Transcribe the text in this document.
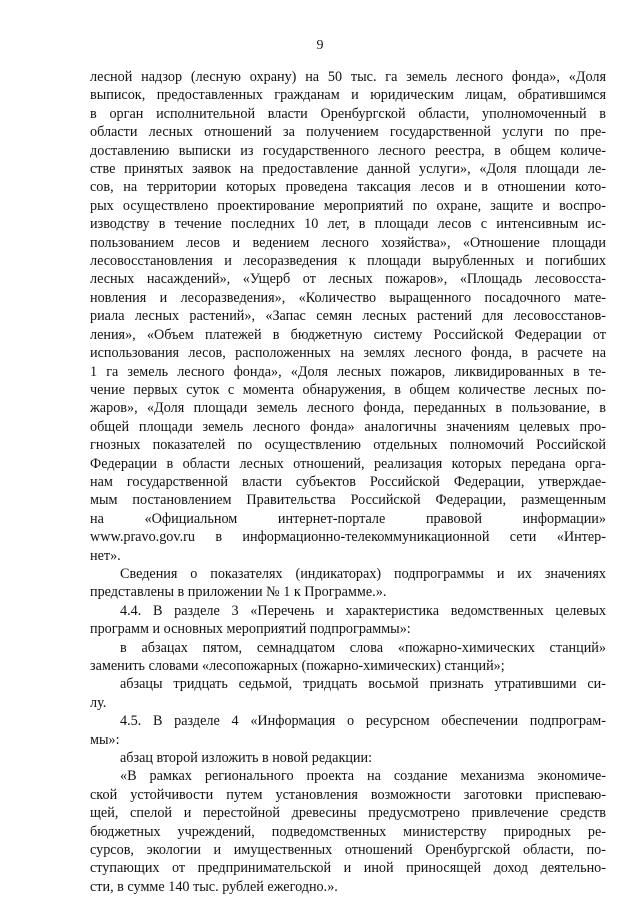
9
лесной надзор (лесную охрану) на 50 тыс. га земель лесного фонда», «Доля
выписок, предоставленных гражданам и юридическим лицам, обратившимся
в орган исполнительной власти Оренбургской области, уполномоченный в
области лесных отношений за получением государственной услуги по пре-
доставлению выписки из государственного лесного реестра, в общем количе-
стве принятых заявок на предоставление данной услуги», «Доля площади ле-
сов, на территории которых проведена таксация лесов и в отношении кото-
рых осуществлено проектирование мероприятий по охране, защите и воспро-
изводству в течение последних 10 лет, в площади лесов с интенсивным ис-
пользованием лесов и ведением лесного хозяйства», «Отношение площади
лесовосстановления и лесоразведения к площади вырубленных и погибших
лесных насаждений», «Ущерб от лесных пожаров», «Площадь лесовосста-
новления и лесоразведения», «Количество выращенного посадочного мате-
риала лесных растений», «Запас семян лесных растений для лесовосстанов-
ления», «Объем платежей в бюджетную систему Российской Федерации от
использования лесов, расположенных на землях лесного фонда, в расчете на
1 га земель лесного фонда», «Доля лесных пожаров, ликвидированных в те-
чение первых суток с момента обнаружения, в общем количестве лесных по-
жаров», «Доля площади земель лесного фонда, переданных в пользование, в
общей площади земель лесного фонда» аналогичны значениям целевых про-
гнозных показателей по осуществлению отдельных полномочий Российской
Федерации в области лесных отношений, реализация которых передана орга-
нам государственной власти субъектов Российской Федерации, утверждае-
мым постановлением Правительства Российской Федерации, размещенным
на «Официальном интернет-портале правовой информации»
www.pravo.gov.ru в информационно-телекоммуникационной сети «Интер-
нет».
Сведения о показателях (индикаторах) подпрограммы и их значениях
представлены в приложении № 1 к Программе.».
4.4. В разделе 3 «Перечень и характеристика ведомственных целевых
программ и основных мероприятий подпрограммы»:
в абзацах пятом, семнадцатом слова «пожарно-химических станций»
заменить словами «лесопожарных (пожарно-химических) станций»;
абзацы тридцать седьмой, тридцать восьмой признать утратившими си-
лу.
4.5. В разделе 4 «Информация о ресурсном обеспечении подпрограм-
мы»:
абзац второй изложить в новой редакции:
«В рамках регионального проекта на создание механизма экономиче-
ской устойчивости путем установления возможности заготовки приспеваю-
щей, спелой и перестойной древесины предусмотрено привлечение средств
бюджетных учреждений, подведомственных министерству природных ре-
сурсов, экологии и имущественных отношений Оренбургской области, по-
ступающих от предпринимательской и иной приносящей доход деятельно-
сти, в сумме 140 тыс. рублей ежегодно.».
